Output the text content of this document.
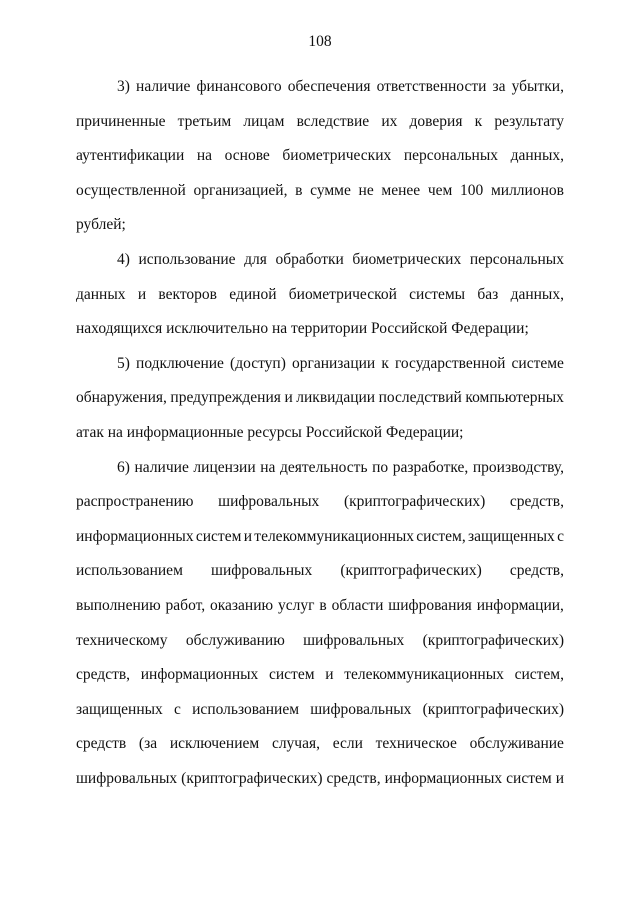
108
3) наличие финансового обеспечения ответственности за убытки,
причиненные третьим лицам вследствие их доверия к результату
аутентификации на основе биометрических персональных данных,
осуществленной организацией, в сумме не менее чем 100 миллионов
рублей;
4) использование для обработки биометрических персональных
данных и векторов единой биометрической системы баз данных,
находящихся исключительно на территории Российской Федерации;
5) подключение (доступ) организации к государственной системе
обнаружения, предупреждения и ликвидации последствий компьютерных
атак на информационные ресурсы Российской Федерации;
6) наличие лицензии на деятельность по разработке, производству,
распространению шифровальных (криптографических) средств,
информационных систем и телекоммуникационных систем, защищенных с
использованием шифровальных (криптографических) средств,
выполнению работ, оказанию услуг в области шифрования информации,
техническому обслуживанию шифровальных (криптографических)
средств, информационных систем и телекоммуникационных систем,
защищенных с использованием шифровальных (криптографических)
средств (за исключением случая, если техническое обслуживание
шифровальных (криптографических) средств, информационных систем и
